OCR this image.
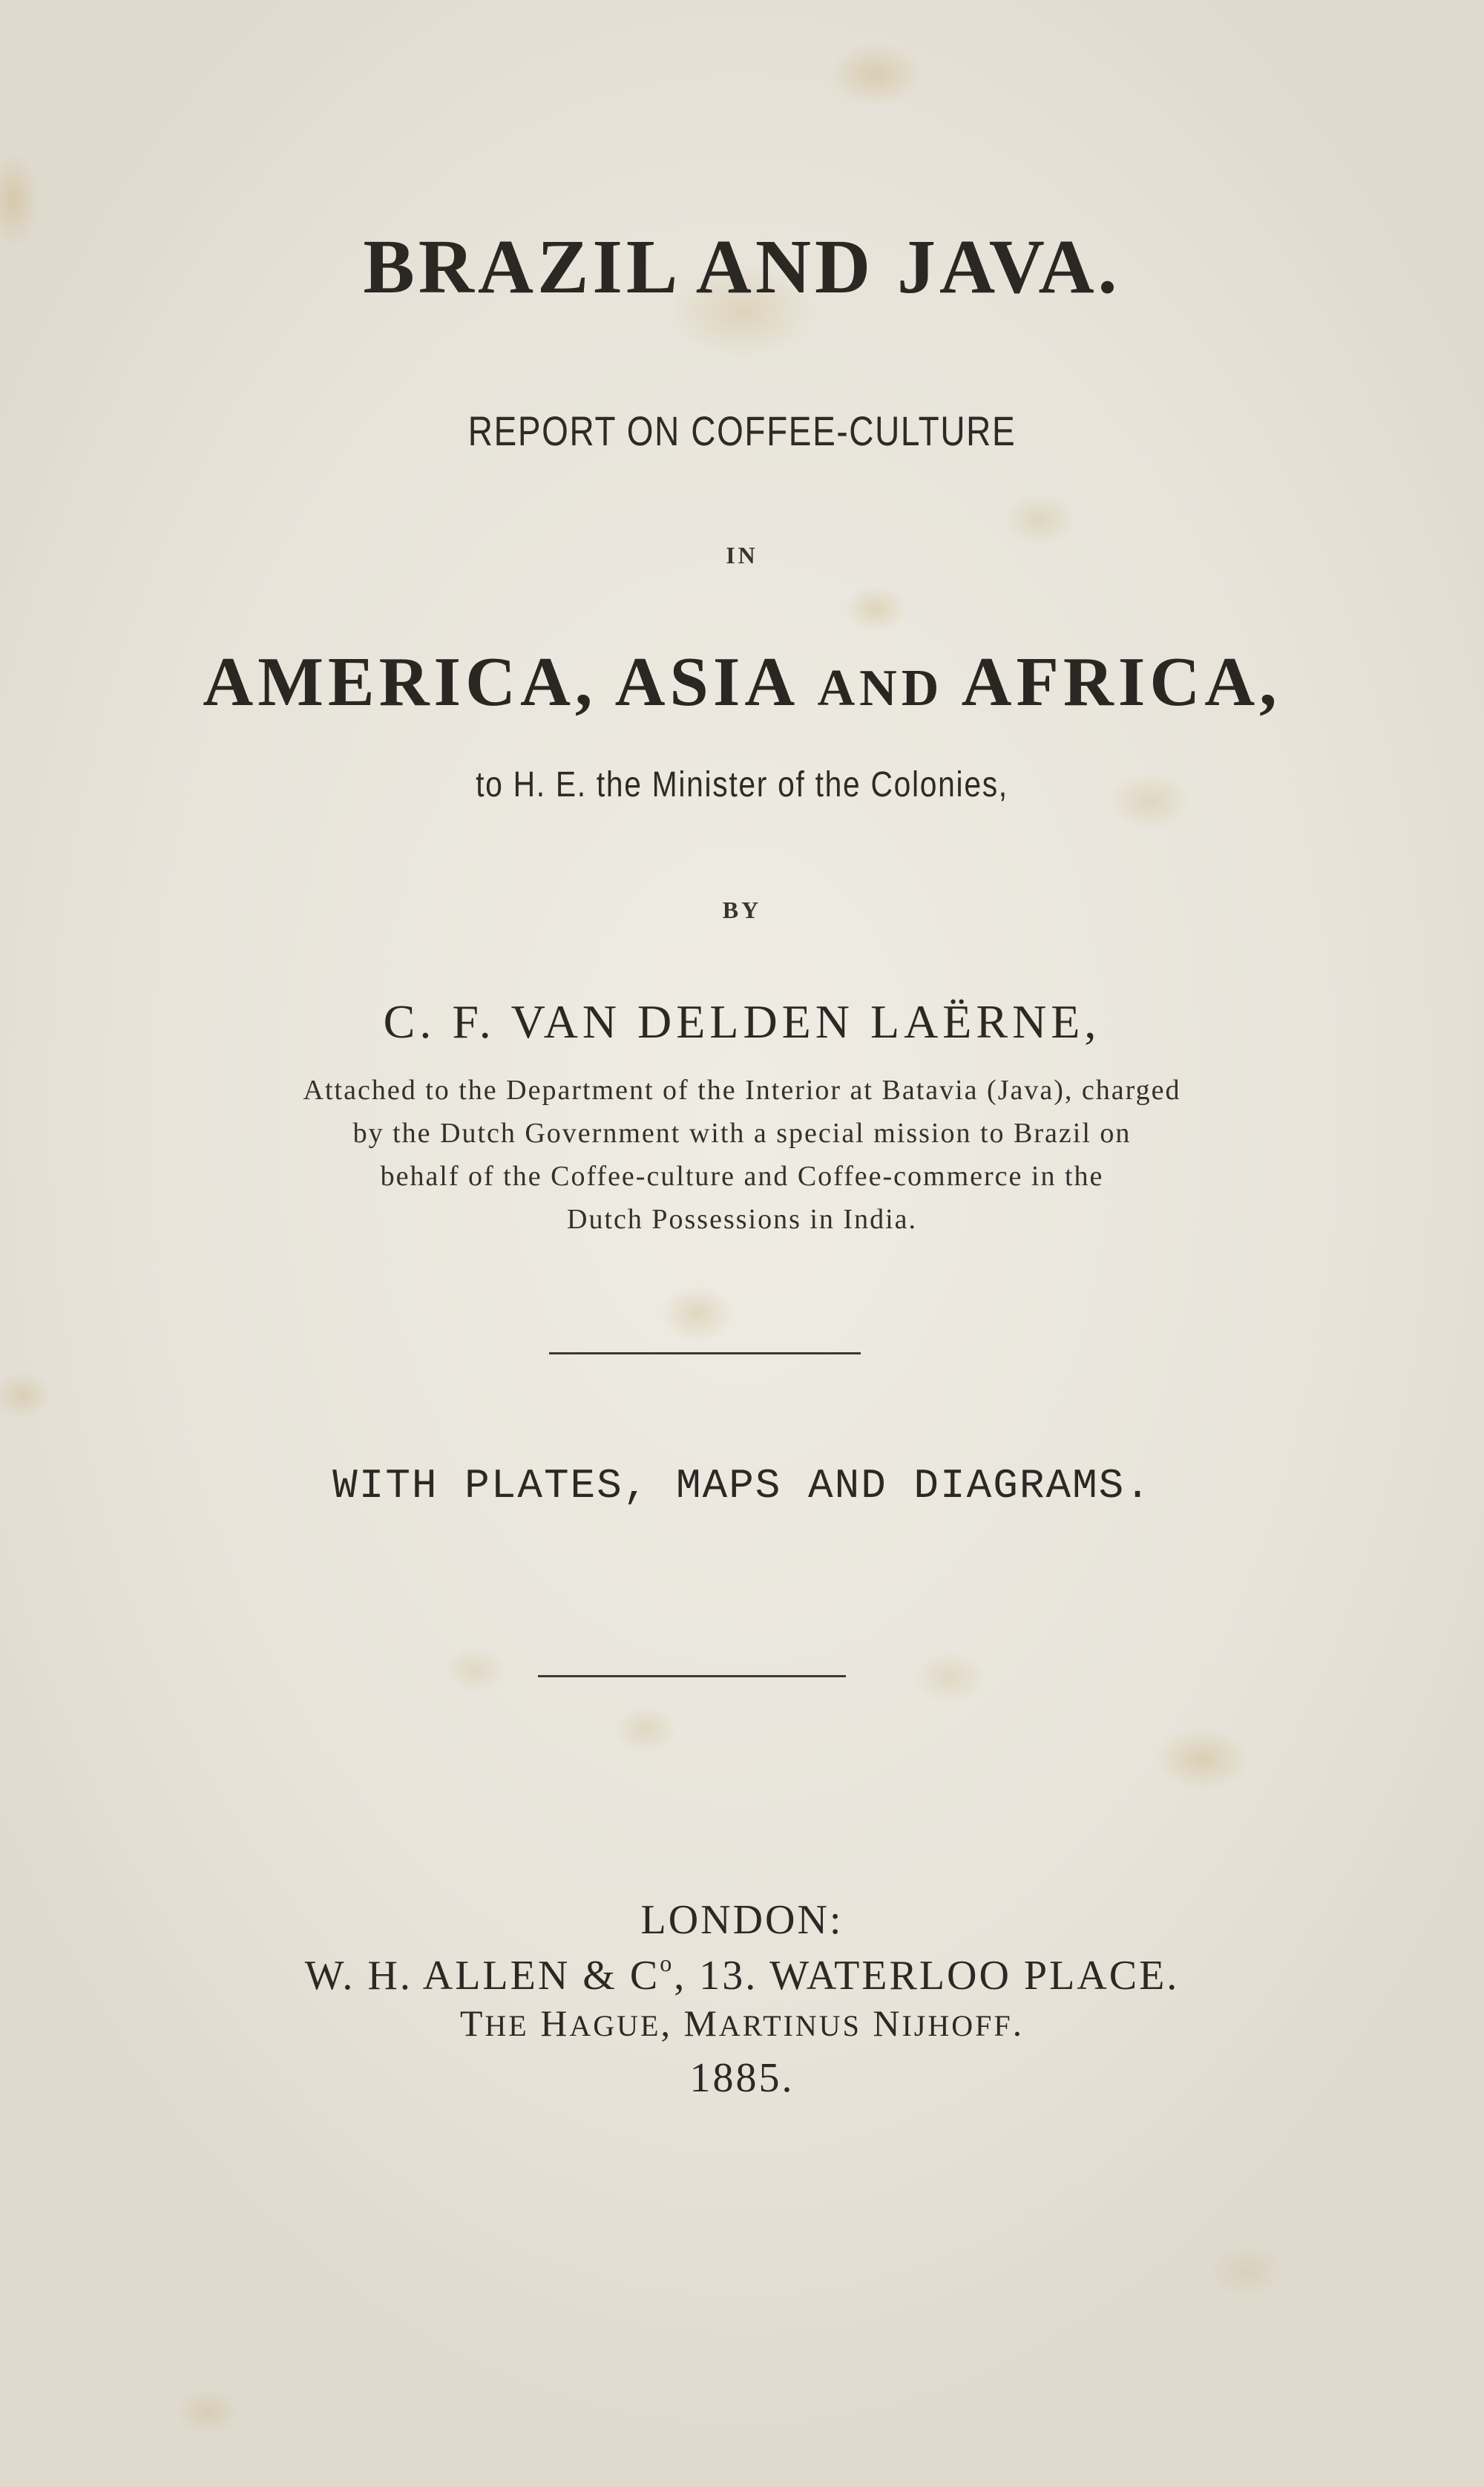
BRAZIL AND JAVA.
REPORT ON COFFEE-CULTURE
IN
AMERICA, ASIA AND AFRICA,
to H. E. the Minister of the Colonies,
BY
C. F. VAN DELDEN LAËRNE,
Attached to the Department of the Interior at Batavia (Java), charged
by the Dutch Government with a special mission to Brazil on
behalf of the Coffee-culture and Coffee-commerce in the
Dutch Possessions in India.
WITH PLATES, MAPS AND DIAGRAMS.
LONDON:
W. H. ALLEN & $C^o$, 13. WATERLOO PLACE.
THE HAGUE, MARTINUS NIJHOFF.
1885.
